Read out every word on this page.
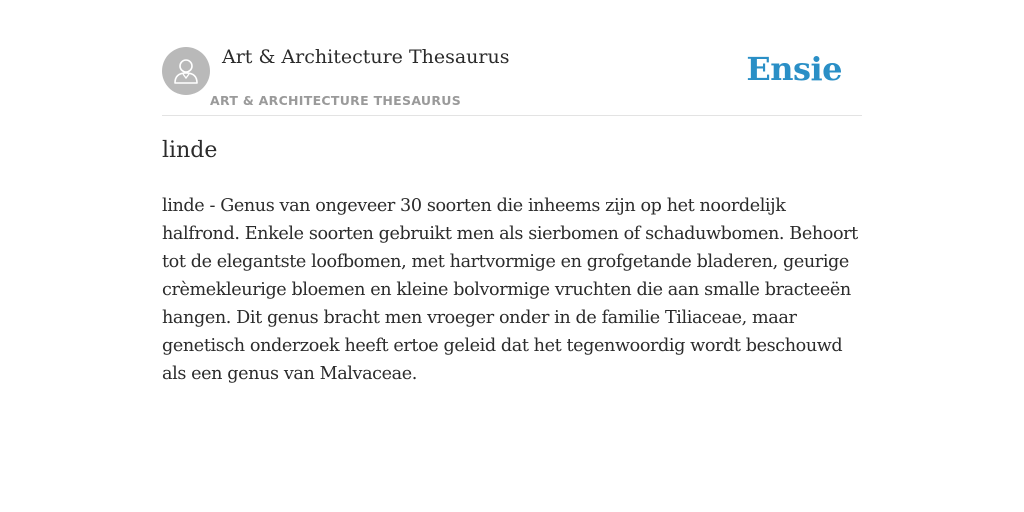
Art & Architecture Thesaurus
ART & ARCHITECTURE THESAURUS
Ensie
linde

linde - Genus van ongeveer 30 soorten die inheems zijn op het noordelijk halfrond. Enkele soorten gebruikt men als sierbomen of schaduwbomen. Behoort tot de elegantste loofbomen, met hartvormige en grofgetande bladeren, geurige crèmekleurige bloemen en kleine bolvormige vruchten die aan smalle bracteeën hangen. Dit genus bracht men vroeger onder in de familie Tiliaceae, maar genetisch onderzoek heeft ertoe geleid dat het tegenwoordig wordt beschouwd als een genus van Malvaceae.
